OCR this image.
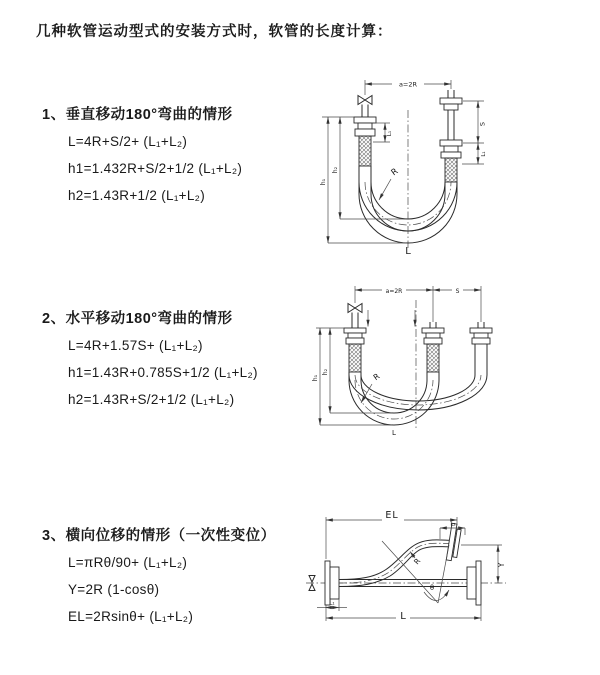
几种软管运动型式的安装方式时，软管的长度计算：
1、垂直移动180°弯曲的情形

L=4R+S/2+ (L₁+L₂)

h1=1.432R+S/2+1/2 (L₁+L₂)

h2=1.43R+1/2 (L₁+L₂)

a=2R
S
L₁
L₁
h₂
h₁
R
L
2、水平移动180°弯曲的情形

L=4R+1.57S+ (L₁+L₂)

h1=1.43R+0.785S+1/2 (L₁+L₂)

h2=1.43R+S/2+1/2 (L₁+L₂)

a=2R	S
h₂
h₁	R
L
3、横向位移的情形（一次性变位）

L=πRθ/90+ (L₁+L₂)

Y=2R (1-cosθ)

EL=2Rsinθ+ (L₁+L₂)

EL
L₂
θ
R	Y
L₁
L
